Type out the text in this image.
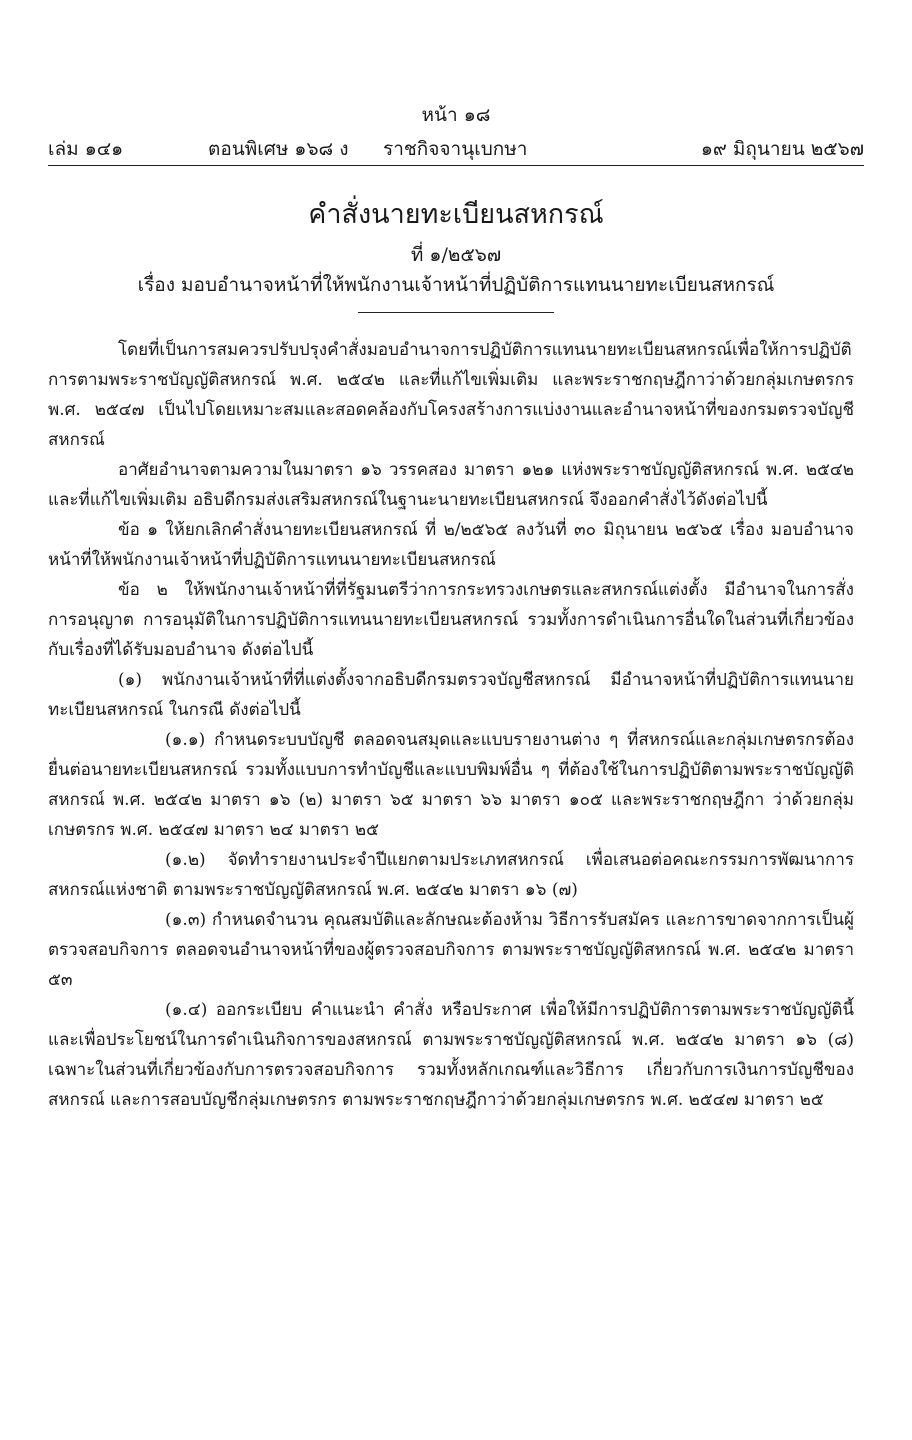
หน้า ๑๘
เล่ม ๑๔๑	ตอนพิเศษ ๑๖๘ ง ราชกิจจานุเบกษา	๑๙ มิถุนายน ๒๕๖๗
คำสั่งนายทะเบียนสหกรณ์
ที่ ๑/๒๕๖๗
เรื่อง มอบอำนาจหน้าที่ให้พนักงานเจ้าหน้าที่ปฏิบัติการแทนนายทะเบียนสหกรณ์

โดยที่เป็นการสมควรปรับปรุงคำสั่งมอบอำนาจการปฏิบัติการแทนนายทะเบียนสหกรณ์เพื่อให้การปฏิบัติการตามพระราชบัญญัติสหกรณ์ พ.ศ. ๒๕๔๒ และที่แก้ไขเพิ่มเติม และพระราชกฤษฎีกาว่าด้วยกลุ่มเกษตรกร พ.ศ. ๒๕๔๗ เป็นไปโดยเหมาะสมและสอดคล้องกับโครงสร้างการแบ่งงานและอำนาจหน้าที่ของกรมตรวจบัญชีสหกรณ์

อาศัยอำนาจตามความในมาตรา ๑๖ วรรคสอง มาตรา ๑๒๑ แห่งพระราชบัญญัติสหกรณ์ พ.ศ. ๒๕๔๒ และที่แก้ไขเพิ่มเติม อธิบดีกรมส่งเสริมสหกรณ์ในฐานะนายทะเบียนสหกรณ์ จึงออกคำสั่งไว้ดังต่อไปนี้

ข้อ ๑ ให้ยกเลิกคำสั่งนายทะเบียนสหกรณ์ ที่ ๒/๒๕๖๕ ลงวันที่ ๓๐ มิถุนายน ๒๕๖๕ เรื่อง มอบอำนาจหน้าที่ให้พนักงานเจ้าหน้าที่ปฏิบัติการแทนนายทะเบียนสหกรณ์

ข้อ ๒ ให้พนักงานเจ้าหน้าที่ที่รัฐมนตรีว่าการกระทรวงเกษตรและสหกรณ์แต่งตั้ง มีอำนาจในการสั่ง การอนุญาต การอนุมัติในการปฏิบัติการแทนนายทะเบียนสหกรณ์ รวมทั้งการดำเนินการอื่นใดในส่วนที่เกี่ยวข้องกับเรื่องที่ได้รับมอบอำนาจ ดังต่อไปนี้

(๑) พนักงานเจ้าหน้าที่ที่แต่งตั้งจากอธิบดีกรมตรวจบัญชีสหกรณ์ มีอำนาจหน้าที่ปฏิบัติการแทนนายทะเบียนสหกรณ์ ในกรณี ดังต่อไปนี้

(๑.๑) กำหนดระบบบัญชี ตลอดจนสมุดและแบบรายงานต่าง ๆ ที่สหกรณ์และกลุ่มเกษตรกรต้องยื่นต่อนายทะเบียนสหกรณ์ รวมทั้งแบบการทำบัญชีและแบบพิมพ์อื่น ๆ ที่ต้องใช้ในการปฏิบัติตามพระราชบัญญัติสหกรณ์ พ.ศ. ๒๕๔๒ มาตรา ๑๖ (๒) มาตรา ๖๕ มาตรา ๖๖ มาตรา ๑๐๕ และพระราชกฤษฎีกา ว่าด้วยกลุ่มเกษตรกร พ.ศ. ๒๕๔๗ มาตรา ๒๔ มาตรา ๒๕

(๑.๒) จัดทำรายงานประจำปีแยกตามประเภทสหกรณ์ เพื่อเสนอต่อคณะกรรมการพัฒนาการสหกรณ์แห่งชาติ ตามพระราชบัญญัติสหกรณ์ พ.ศ. ๒๕๔๒ มาตรา ๑๖ (๗)

(๑.๓) กำหนดจำนวน คุณสมบัติและลักษณะต้องห้าม วิธีการรับสมัคร และการขาดจากการเป็นผู้ตรวจสอบกิจการ ตลอดจนอำนาจหน้าที่ของผู้ตรวจสอบกิจการ ตามพระราชบัญญัติสหกรณ์ พ.ศ. ๒๕๔๒ มาตรา ๕๓

(๑.๔) ออกระเบียบ คำแนะนำ คำสั่ง หรือประกาศ เพื่อให้มีการปฏิบัติการตามพระราชบัญญัตินี้ และเพื่อประโยชน์ในการดำเนินกิจการของสหกรณ์ ตามพระราชบัญญัติสหกรณ์ พ.ศ. ๒๕๔๒ มาตรา ๑๖ (๘) เฉพาะในส่วนที่เกี่ยวข้องกับการตรวจสอบกิจการ รวมทั้งหลักเกณฑ์และวิธีการ เกี่ยวกับการเงินการบัญชีของสหกรณ์ และการสอบบัญชีกลุ่มเกษตรกร ตามพระราชกฤษฎีกาว่าด้วยกลุ่มเกษตรกร พ.ศ. ๒๕๔๗ มาตรา ๒๕
